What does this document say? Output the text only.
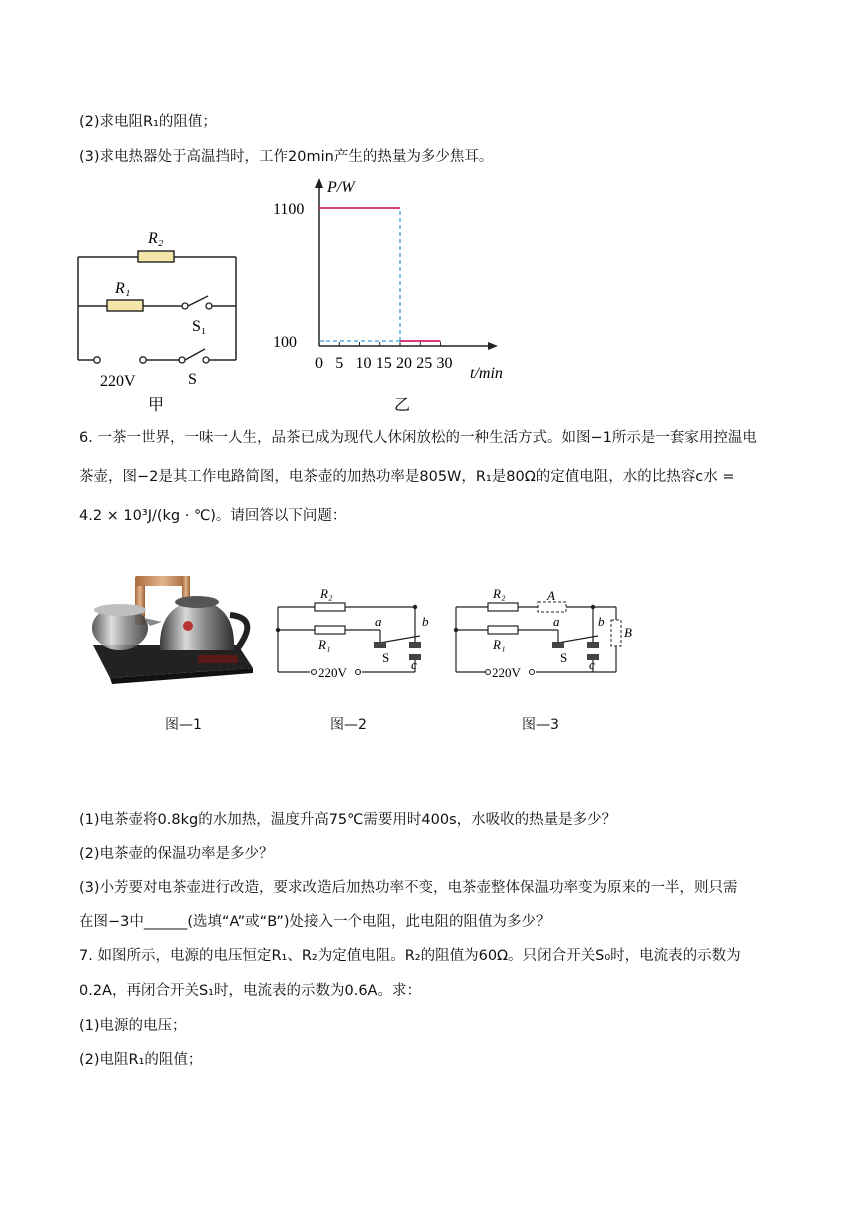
(2)求电阻R₁的阻值；
(3)求电热器处于高温挡时，工作20min产生的热量为多少焦耳。
R₂
R₁
S₁
220V	S
甲
P/W
t/min
乙
0 5 10 15 20 25 30
100
1100
6. 一茶一世界，一味一人生，品茶已成为现代人休闲放松的一种生活方式。如图−1所示是一套家用控温电
茶壶，图−2是其工作电路简图，电茶壶的加热功率是805W，R₁是80Ω的定值电阻，水的比热容c水 =
4.2 × 10³J/(kg · ℃)。请回答以下问题：
R₂
R₁
a	b
c
S
220V
R₂
R₁
A
B
a	b
c
S
220V
图—1	图—2	图—3
(1)电茶壶将0.8kg的水加热，温度升高75℃需要用时400s，水吸收的热量是多少？
(2)电茶壶的保温功率是多少？
(3)小芳要对电茶壶进行改造，要求改造后加热功率不变，电茶壶整体保温功率变为原来的一半，则只需
在图−3中______(选填“A”或“B”)处接入一个电阻，此电阻的阻值为多少？
7. 如图所示，电源的电压恒定R₁、R₂为定值电阻。R₂的阻值为60Ω。只闭合开关S₀时，电流表的示数为
0.2A，再闭合开关S₁时，电流表的示数为0.6A。求：
(1)电源的电压；
(2)电阻R₁的阻值；
